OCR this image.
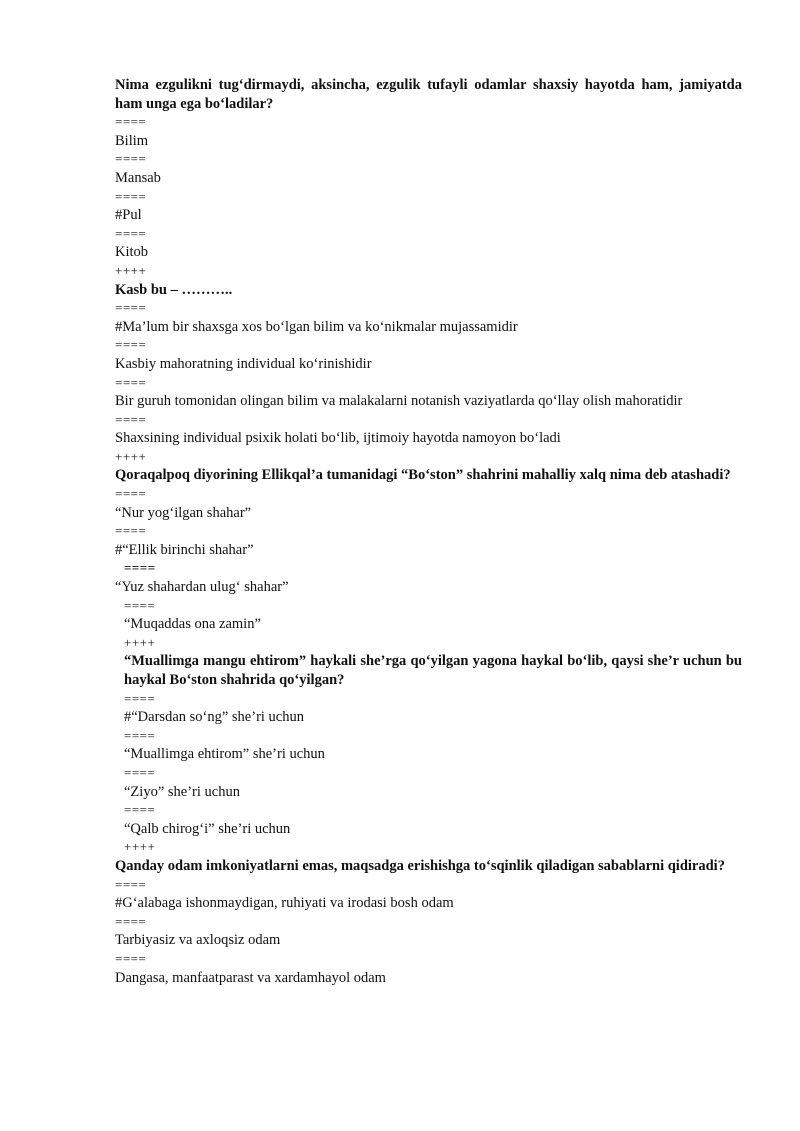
Nima ezgulikni tug‘dirmaydi, aksincha, ezgulik tufayli odamlar shaxsiy hayotda ham, jamiyatda ham unga ega bo‘ladilar?
====
Bilim
====
Mansab
====
#Pul
====
Kitob
++++
Kasb bu – ………..
====
#Ma’lum bir shaxsga xos bo‘lgan bilim va ko‘nikmalar mujassamidir
====
Kasbiy mahoratning individual ko‘rinishidir
====
Bir guruh tomonidan olingan bilim va malakalarni notanish vaziyatlarda qo‘llay olish mahoratidir
====
Shaxsining individual psixik holati bo‘lib, ijtimoiy hayotda namoyon bo‘ladi
++++
Qoraqalpoq diyorining Ellikqal’a tumanidagi “Bo‘ston” shahrini mahalliy xalq nima deb atashadi?
====
“Nur yog‘ilgan shahar”
====
#“Ellik birinchi shahar”
====
“Yuz shahardan ulug‘ shahar”
====
“Muqaddas ona zamin”
++++
“Muallimga mangu ehtirom” haykali she’rga qo‘yilgan yagona haykal bo‘lib, qaysi she’r uchun bu haykal Bo‘ston shahrida qo‘yilgan?
====
#“Darsdan so‘ng” she’ri uchun
====
“Muallimga ehtirom” she’ri uchun
====
“Ziyo” she’ri uchun
====
“Qalb chirog‘i” she’ri uchun
++++
Qanday odam imkoniyatlarni emas, maqsadga erishishga to‘sqinlik qiladigan sabablarni qidiradi?
====
#G‘alabaga ishonmaydigan, ruhiyati va irodasi bosh odam
====
Tarbiyasiz va axloqsiz odam
====
Dangasa, manfaatparast va xardamhayol odam
